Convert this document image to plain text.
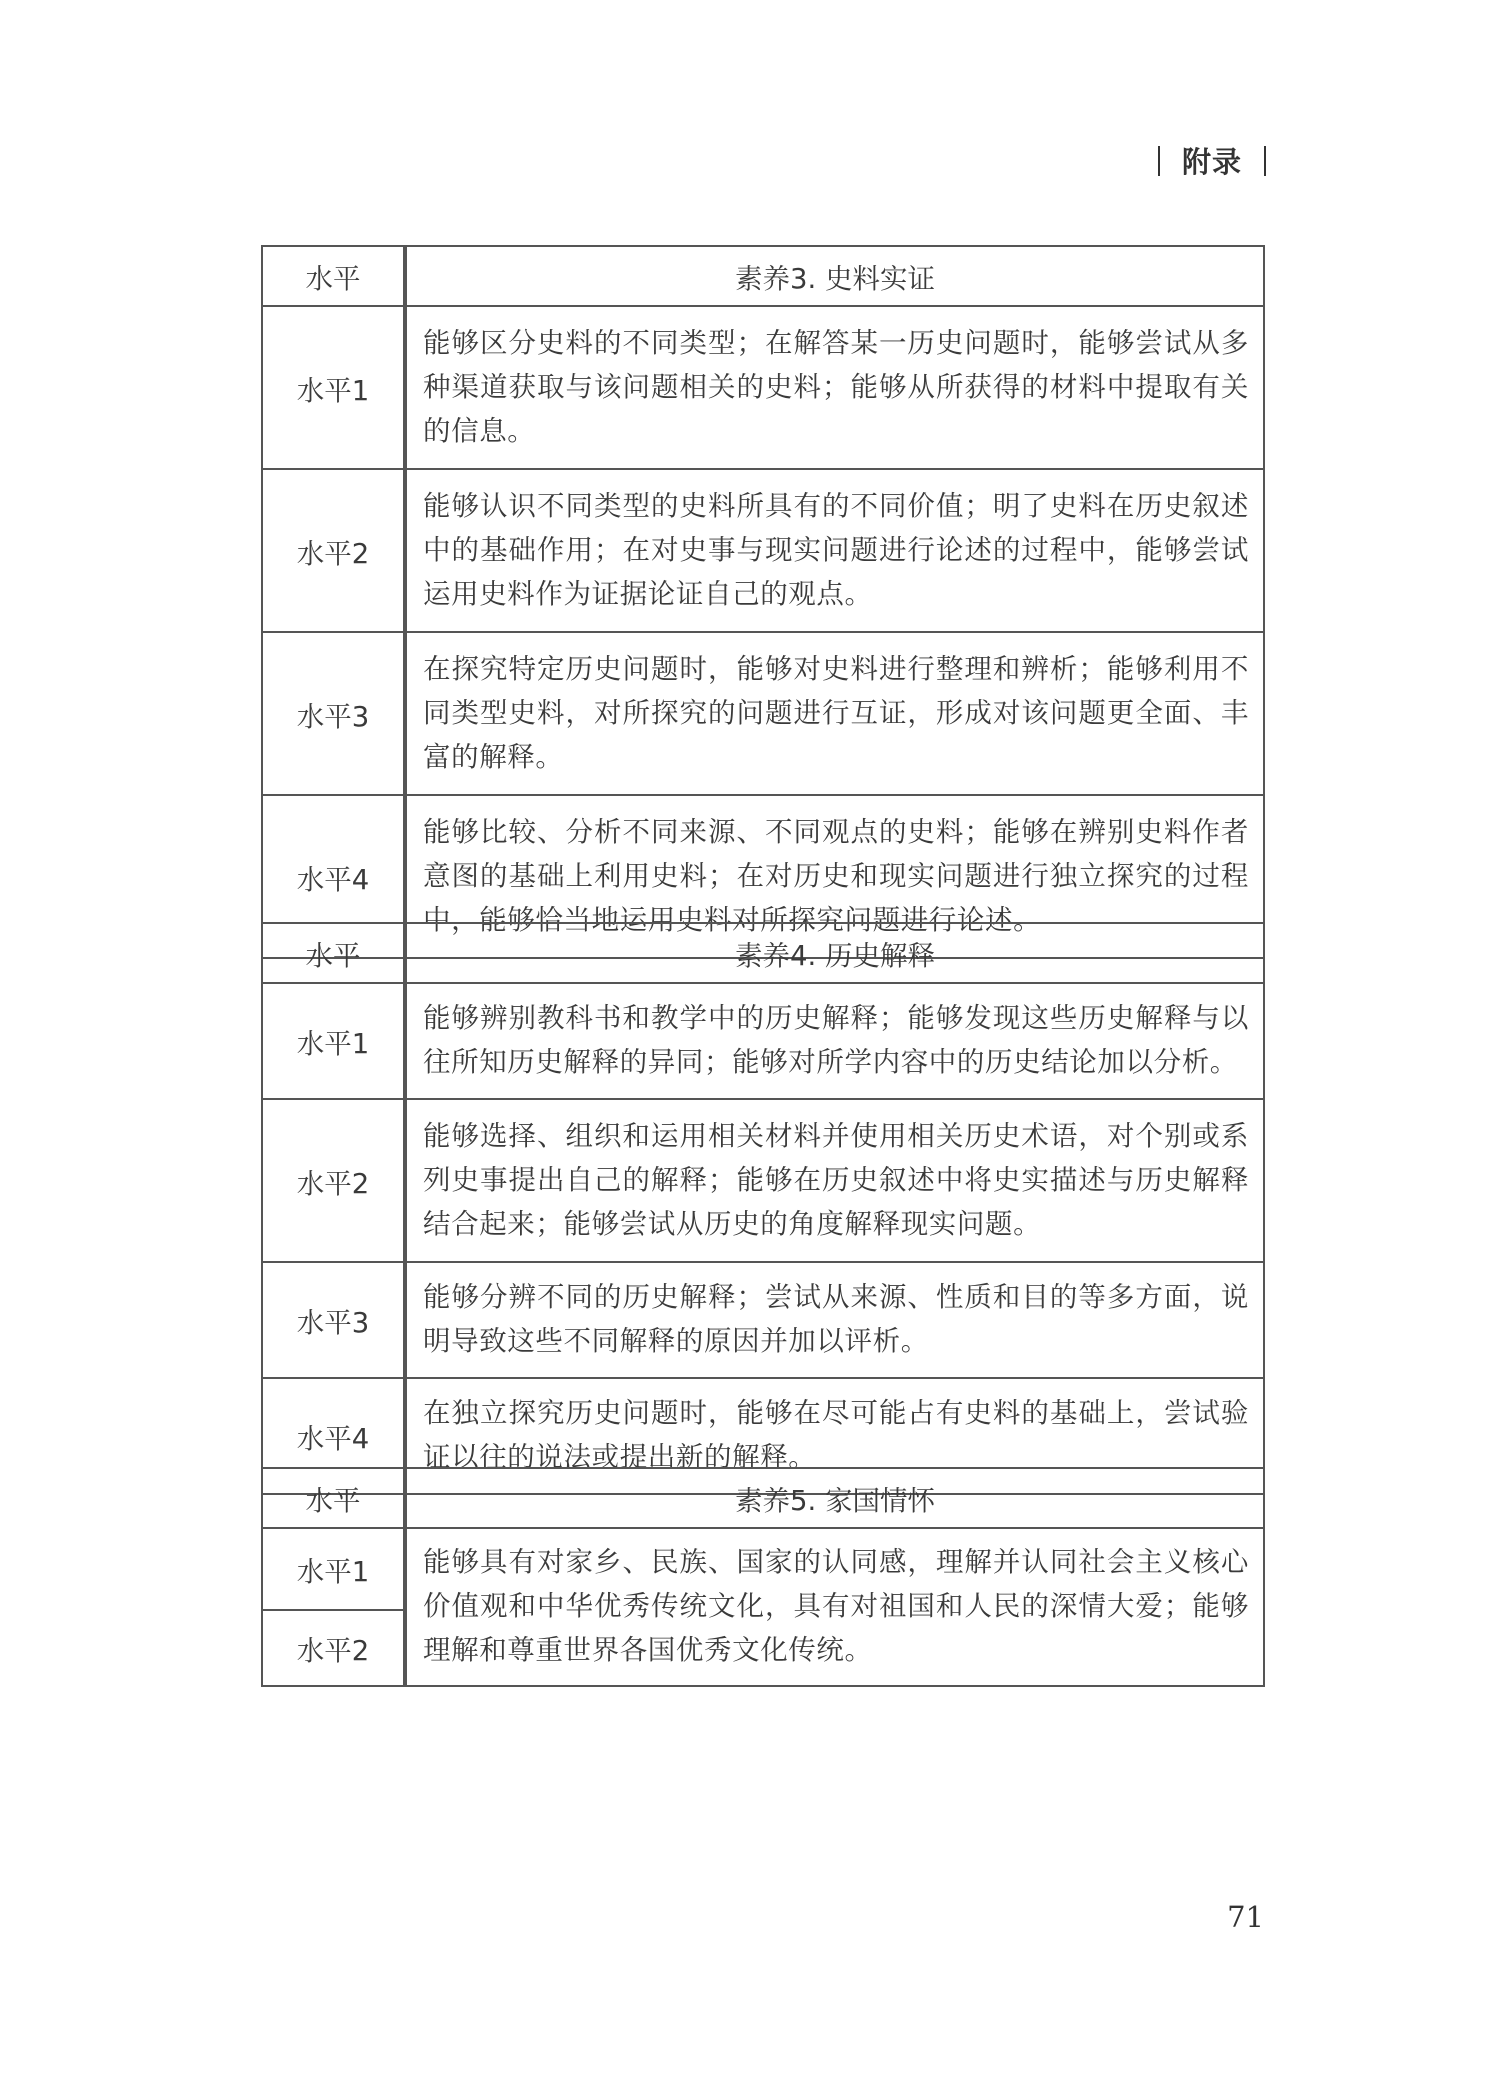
附录
水平	素养3. 史料实证
水平1	能够区分史料的不同类型；在解答某一历史问题时，能够尝试从多种渠道获取与该问题相关的史料；能够从所获得的材料中提取有关的信息。
水平2	能够认识不同类型的史料所具有的不同价值；明了史料在历史叙述中的基础作用；在对史事与现实问题进行论述的过程中，能够尝试运用史料作为证据论证自己的观点。
水平3	在探究特定历史问题时，能够对史料进行整理和辨析；能够利用不同类型史料，对所探究的问题进行互证，形成对该问题更全面、丰富的解释。
水平4	能够比较、分析不同来源、不同观点的史料；能够在辨别史料作者意图的基础上利用史料；在对历史和现实问题进行独立探究的过程中，能够恰当地运用史料对所探究问题进行论述。
水平	素养4. 历史解释
水平1	能够辨别教科书和教学中的历史解释；能够发现这些历史解释与以往所知历史解释的异同；能够对所学内容中的历史结论加以分析。
水平2	能够选择、组织和运用相关材料并使用相关历史术语，对个别或系列史事提出自己的解释；能够在历史叙述中将史实描述与历史解释结合起来；能够尝试从历史的角度解释现实问题。
水平3	能够分辨不同的历史解释；尝试从来源、性质和目的等多方面，说明导致这些不同解释的原因并加以评析。
水平4	在独立探究历史问题时，能够在尽可能占有史料的基础上，尝试验证以往的说法或提出新的解释。
水平	素养5. 家国情怀
水平1	能够具有对家乡、民族、国家的认同感，理解并认同社会主义核心价值观和中华优秀传统文化，具有对祖国和人民的深情大爱；能够理解和尊重世界各国优秀文化传统。
水平2	
71
